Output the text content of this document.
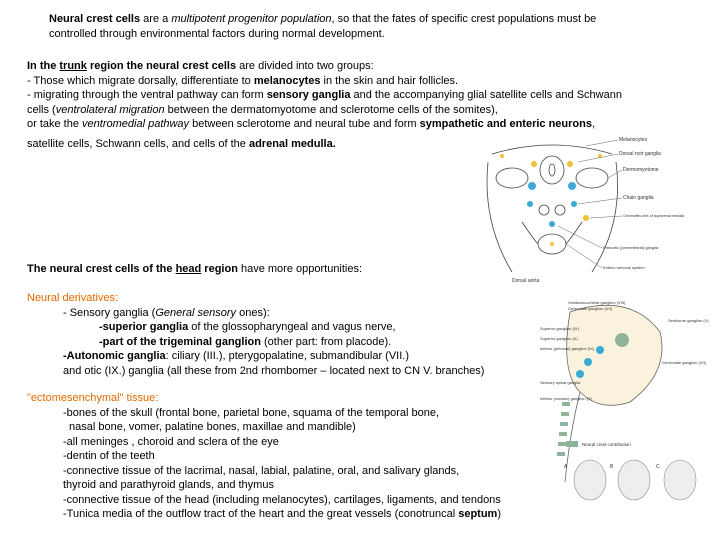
Neural crest cells are a multipotent progenitor population, so that the fates of specific crest populations must be
controlled through environmental factors during normal development.
In the trunk region the neural crest cells are divided into two groups:
- Those which migrate dorsally, differentiate to melanocytes in the skin and hair follicles.
- migrating through the ventral pathway can form sensory ganglia and the accompanying glial satellite cells and Schwann
cells (ventrolateral migration between the dermatomyotome and sclerotome cells of the somites),
or take the ventromedial pathway between sclerotome and neural tube and form sympathetic and enteric neurons,
satellite cells, Schwann cells, and cells of the adrenal medulla.
The neural crest cells of the head region have more opportunities:
Neural derivatives:
- Sensory ganglia (General sensory ones):
-superior ganglia of the glossopharyngeal and vagus nerve,
-part of the trigeminal ganglion (other part: from placode).
-Autonomic ganglia: ciliary (III.), pterygopalatine, submandibular (VII.)
and otic (IX.) ganglia (all these from 2nd rhombomer – located next to CN V. branches)
"ectomesenchymal" tissue:
-bones of the skull (frontal bone, parietal bone, squama of the temporal bone,
nasal bone, vomer, palatine bones, maxillae and mandible)
-all meninges , choroid and sclera of the eye
-dentin of the teeth
-connective tissue of the lacrimal, nasal, labial, palatine, oral, and salivary glands,
thyroid and parathyroid glands, and thymus
-connective tissue of the head (including melanocytes), cartilages, ligaments, and tendons
-Tunica media of the outflow tract of the heart and the great vessels (conotruncal septum)
Melanocytes
Dorsal root ganglia
Dermomyotome
Chain ganglia
Chromaffin cells of suprarenal medulla
Preaortic (prevertebral) ganglia
Enteric nervous system
Dorsal aorta
Vestibulocochlear ganglion (VIII)
Geniculate ganglion (VII)
Semilunar ganglion (V)
Superior ganglion (IX)
Superior ganglion (X)
Inferior (petrosal) ganglion (IX)
Geniculate ganglion (VII)
Sensory spinal ganglia
Inferior (nodose) ganglion (X)
Neural crest contribution
A	B	C
